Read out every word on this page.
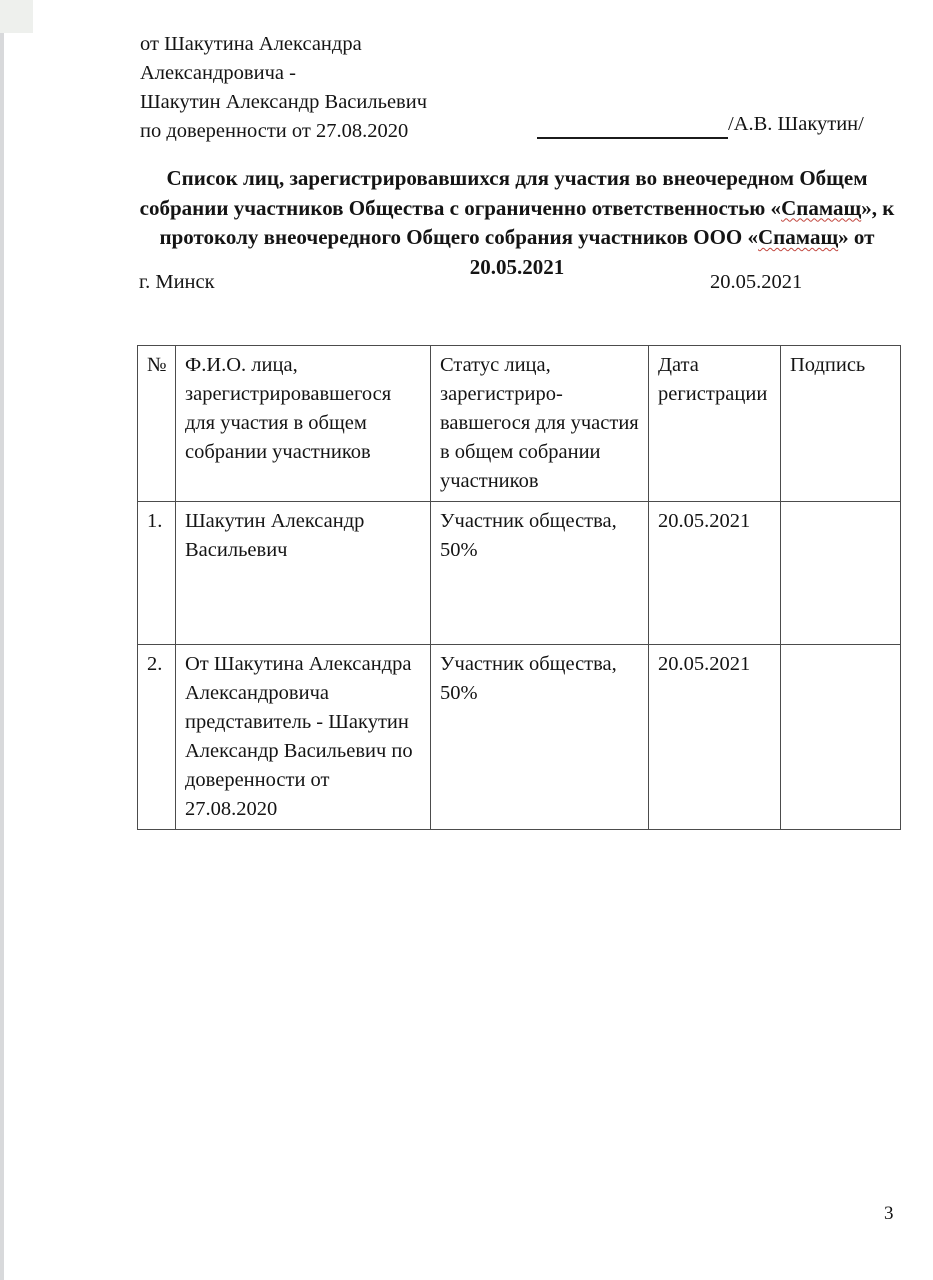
от Шакутина Александра
Александровича -
Шакутин Александр Васильевич
по доверенности от 27.08.2020	/А.В. Шакутин/
Список лиц, зарегистрировавшихся для участия во внеочередном Общем собрании участников Общества с ограниченно ответственностью «Спамащ», к протоколу внеочередного Общего собрания участников ООО «Спамащ» от 20.05.2021
г. Минск	20.05.2021
№	Ф.И.О. лица, зарегистрировавшегося для участия в общем собрании участников	Статус лица, зарегистриро-вавшегося для участия в общем собрании участников	Дата регистрации	Подпись
1.	Шакутин Александр Васильевич	Участник общества, 50%	20.05.2021	
2.	От Шакутина Александра Александровича представитель - Шакутин Александр Васильевич по доверенности от 27.08.2020	Участник общества, 50%	20.05.2021	
3
